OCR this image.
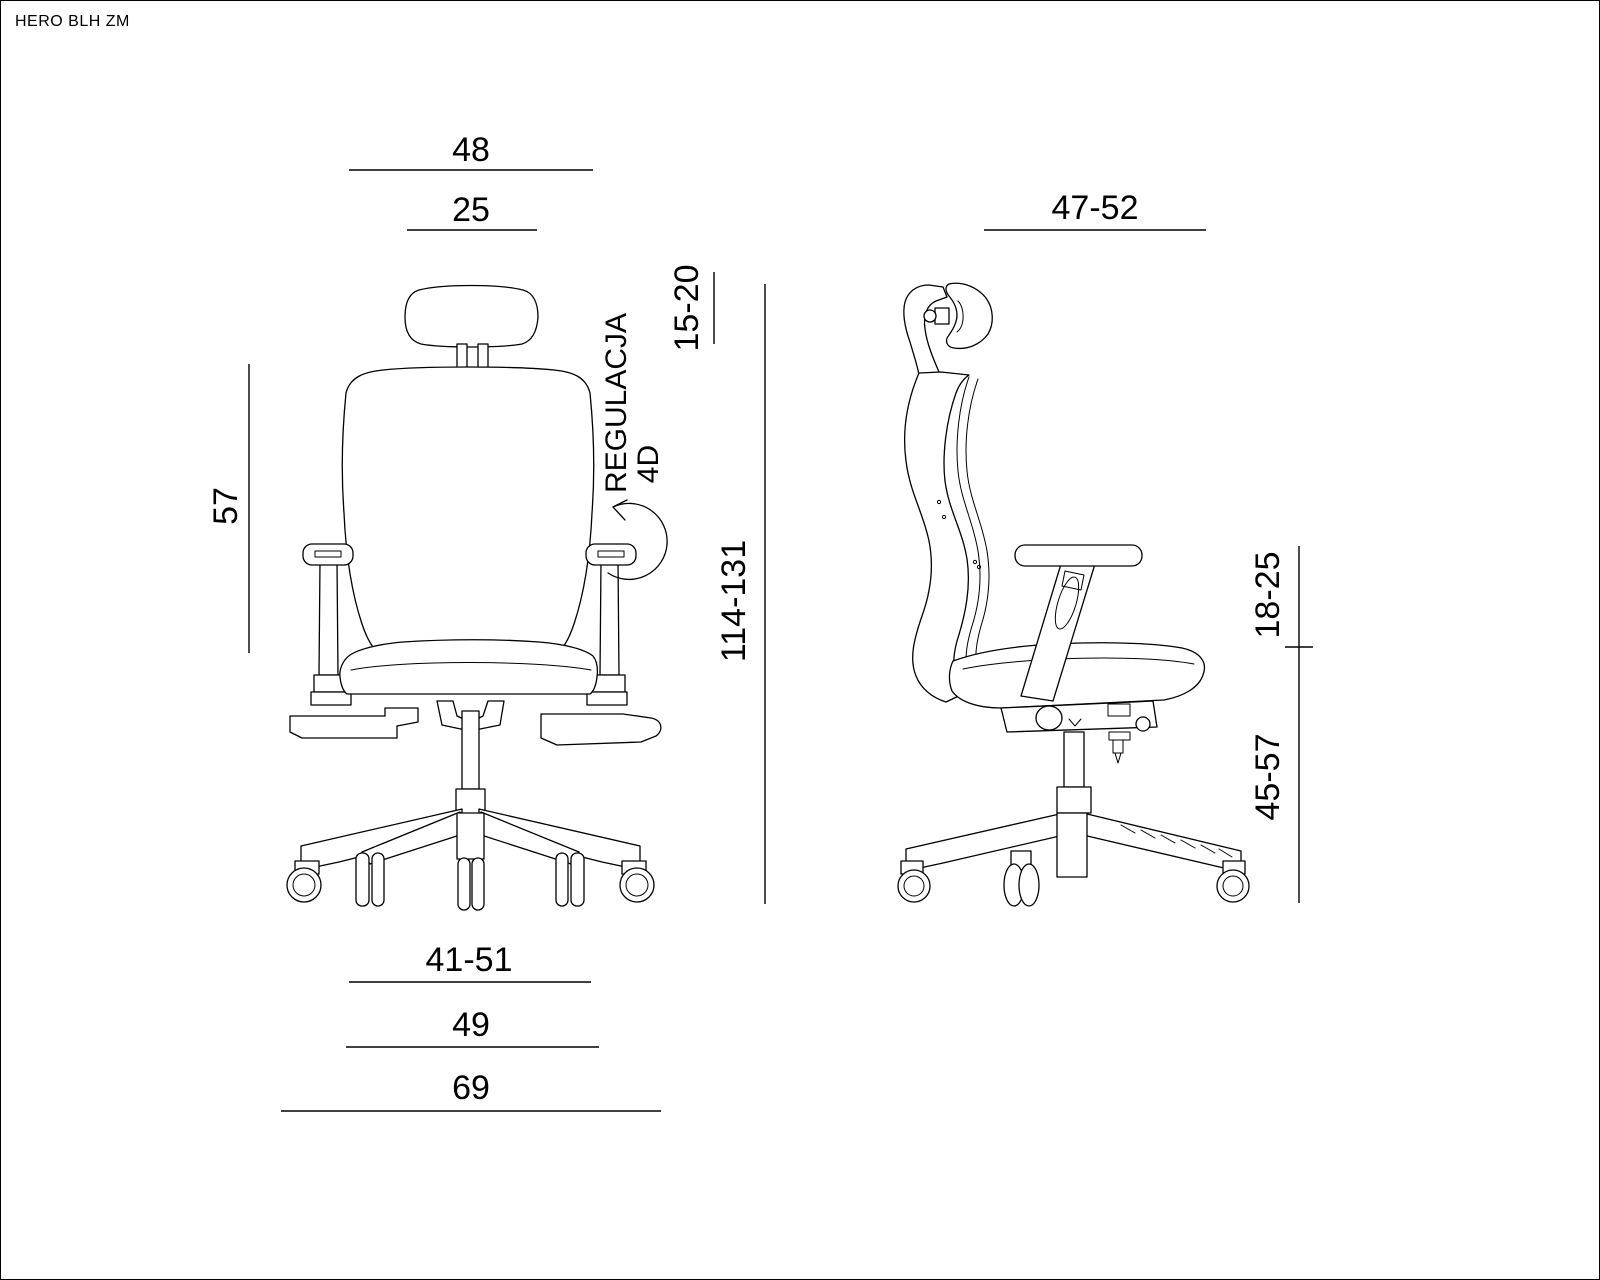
HERO BLH ZM
48
25
57
15-20
114-131
41-51
49
69
REGULACJA 4D
47-52
18-25
45-57
